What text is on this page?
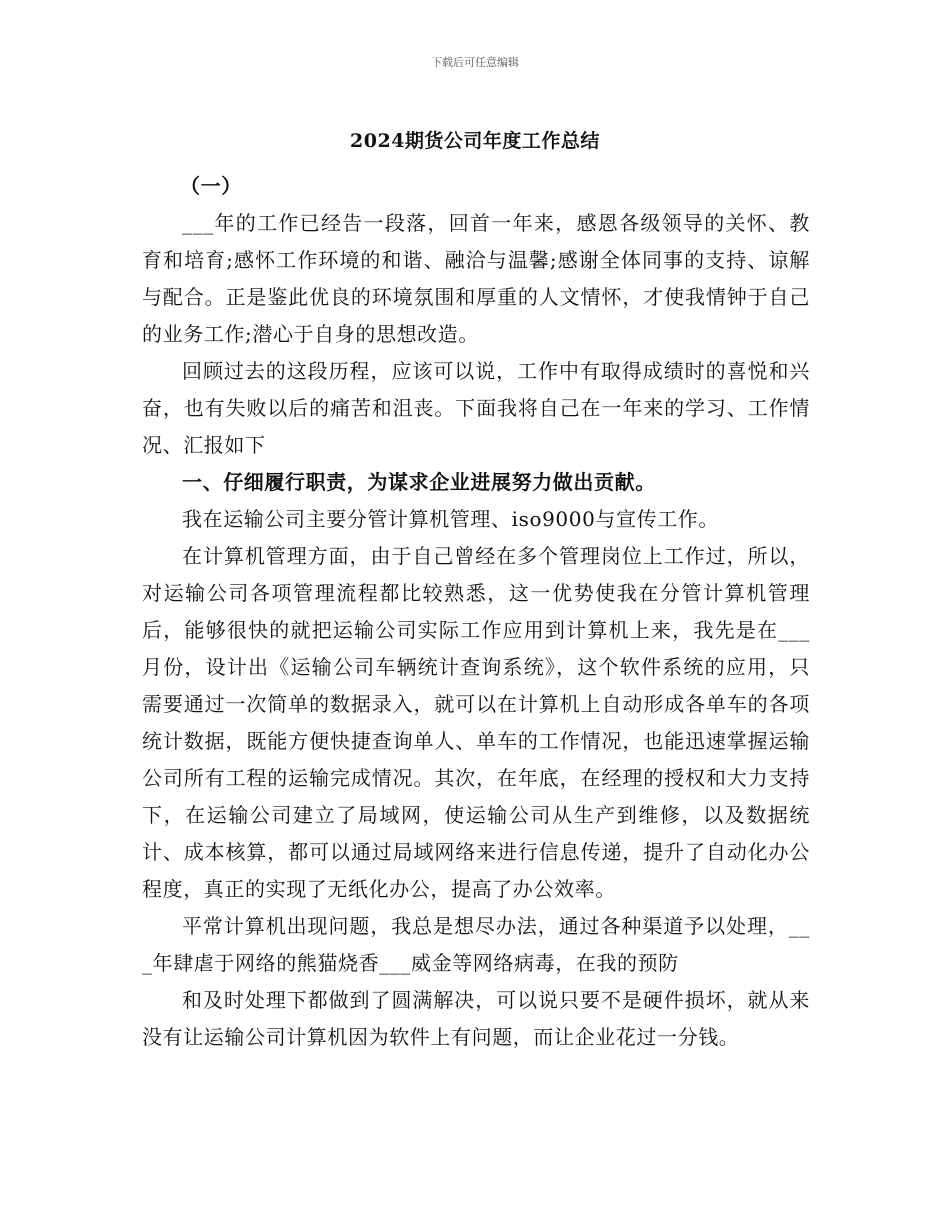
下载后可任意编辑
2024期货公司年度工作总结

（一）

___年的工作已经告一段落，回首一年来，感恩各级领导的关怀、教育和培育;感怀工作环境的和谐、融洽与温馨;感谢全体同事的支持、谅解与配合。正是鉴此优良的环境氛围和厚重的人文情怀，才使我情钟于自己的业务工作;潜心于自身的思想改造。

回顾过去的这段历程，应该可以说，工作中有取得成绩时的喜悦和兴奋，也有失败以后的痛苦和沮丧。下面我将自己在一年来的学习、工作情况、汇报如下

一、仔细履行职责，为谋求企业进展努力做出贡献。

我在运输公司主要分管计算机管理、iso9000与宣传工作。

在计算机管理方面，由于自己曾经在多个管理岗位上工作过，所以，对运输公司各项管理流程都比较熟悉，这一优势使我在分管计算机管理后，能够很快的就把运输公司实际工作应用到计算机上来，我先是在___月份，设计出《运输公司车辆统计查询系统》，这个软件系统的应用，只需要通过一次简单的数据录入，就可以在计算机上自动形成各单车的各项统计数据，既能方便快捷查询单人、单车的工作情况，也能迅速掌握运输公司所有工程的运输完成情况。其次，在年底，在经理的授权和大力支持下，在运输公司建立了局域网，使运输公司从生产到维修，以及数据统计、成本核算，都可以通过局域网络来进行信息传递，提升了自动化办公程度，真正的实现了无纸化办公，提高了办公效率。

平常计算机出现问题，我总是想尽办法，通过各种渠道予以处理，___年肆虐于网络的熊猫烧香___威金等网络病毒，在我的预防

和及时处理下都做到了圆满解决，可以说只要不是硬件损坏，就从来没有让运输公司计算机因为软件上有问题，而让企业花过一分钱。
